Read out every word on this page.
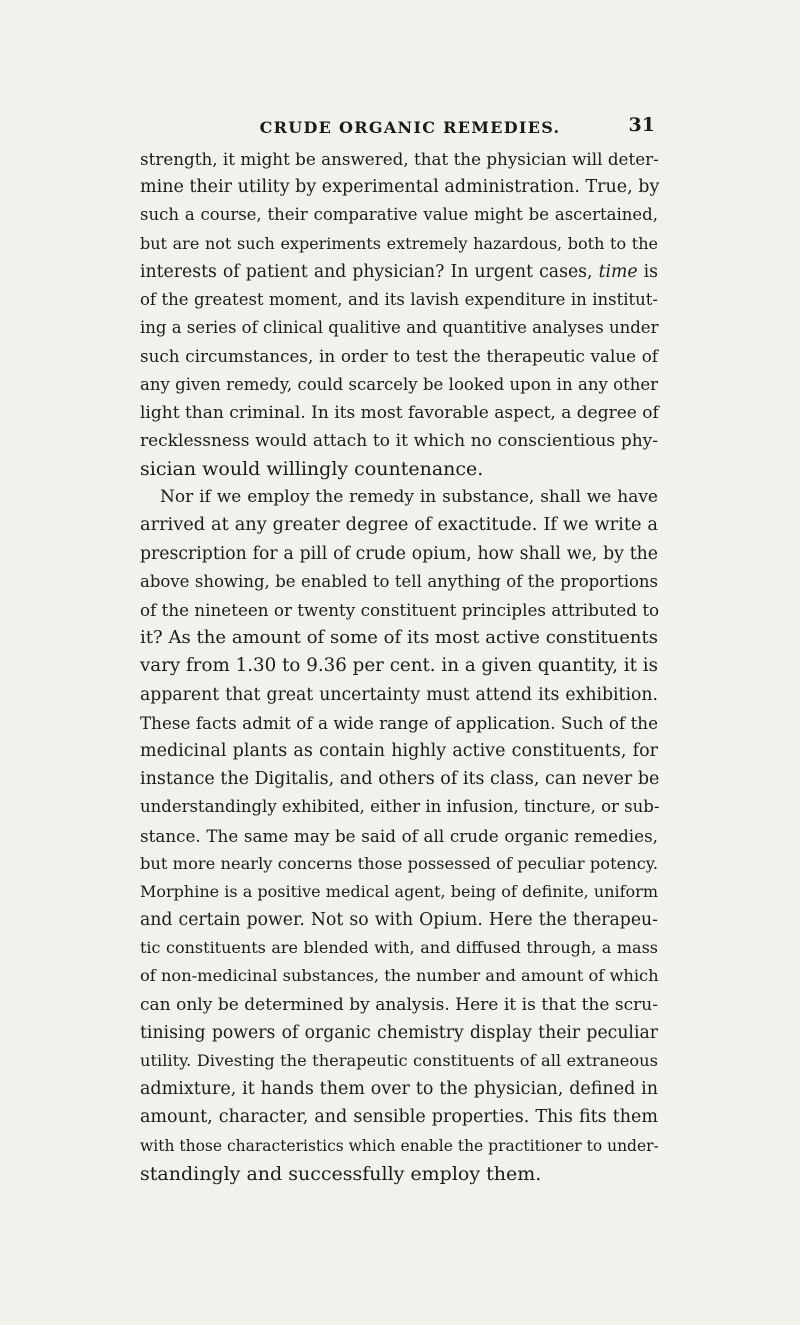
CRUDE ORGANIC REMEDIES.	31
strength, it might be answered, that the physician will deter-
mine their utility by experimental administration. True, by
such a course, their comparative value might be ascertained,
but are not such experiments extremely hazardous, both to the
interests of patient and physician? In urgent cases, time is
of the greatest moment, and its lavish expenditure in institut-
ing a series of clinical qualitive and quantitive analyses under
such circumstances, in order to test the therapeutic value of
any given remedy, could scarcely be looked upon in any other
light than criminal. In its most favorable aspect, a degree of
recklessness would attach to it which no conscientious phy-
sician would willingly countenance.
Nor if we employ the remedy in substance, shall we have
arrived at any greater degree of exactitude. If we write a
prescription for a pill of crude opium, how shall we, by the
above showing, be enabled to tell anything of the proportions
of the nineteen or twenty constituent principles attributed to
it? As the amount of some of its most active constituents
vary from 1.30 to 9.36 per cent. in a given quantity, it is
apparent that great uncertainty must attend its exhibition.
These facts admit of a wide range of application. Such of the
medicinal plants as contain highly active constituents, for
instance the Digitalis, and others of its class, can never be
understandingly exhibited, either in infusion, tincture, or sub-
stance. The same may be said of all crude organic remedies,
but more nearly concerns those possessed of peculiar potency.
Morphine is a positive medical agent, being of definite, uniform
and certain power. Not so with Opium. Here the therapeu-
tic constituents are blended with, and diffused through, a mass
of non-medicinal substances, the number and amount of which
can only be determined by analysis. Here it is that the scru-
tinising powers of organic chemistry display their peculiar
utility. Divesting the therapeutic constituents of all extraneous
admixture, it hands them over to the physician, defined in
amount, character, and sensible properties. This fits them
with those characteristics which enable the practitioner to under-
standingly and successfully employ them.
